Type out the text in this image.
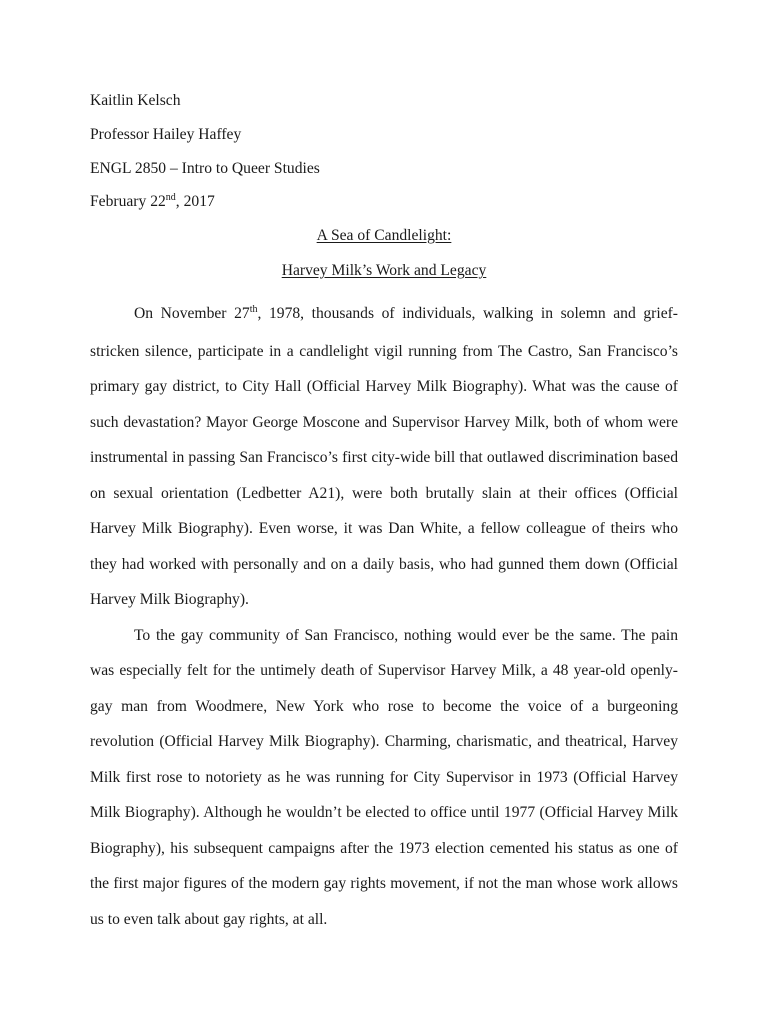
Kaitlin Kelsch
Professor Hailey Haffey
ENGL 2850 – Intro to Queer Studies
February 22nd, 2017
A Sea of Candlelight:
Harvey Milk’s Work and Legacy

On November 27th, 1978, thousands of individuals, walking in solemn and grief-stricken silence, participate in a candlelight vigil running from The Castro, San Francisco’s primary gay district, to City Hall (Official Harvey Milk Biography). What was the cause of such devastation? Mayor George Moscone and Supervisor Harvey Milk, both of whom were instrumental in passing San Francisco’s first city-wide bill that outlawed discrimination based on sexual orientation (Ledbetter A21), were both brutally slain at their offices (Official Harvey Milk Biography). Even worse, it was Dan White, a fellow colleague of theirs who they had worked with personally and on a daily basis, who had gunned them down (Official Harvey Milk Biography).

To the gay community of San Francisco, nothing would ever be the same. The pain was especially felt for the untimely death of Supervisor Harvey Milk, a 48 year-old openly-gay man from Woodmere, New York who rose to become the voice of a burgeoning revolution (Official Harvey Milk Biography). Charming, charismatic, and theatrical, Harvey Milk first rose to notoriety as he was running for City Supervisor in 1973 (Official Harvey Milk Biography). Although he wouldn’t be elected to office until 1977 (Official Harvey Milk Biography), his subsequent campaigns after the 1973 election cemented his status as one of the first major figures of the modern gay rights movement, if not the man whose work allows us to even talk about gay rights, at all.
